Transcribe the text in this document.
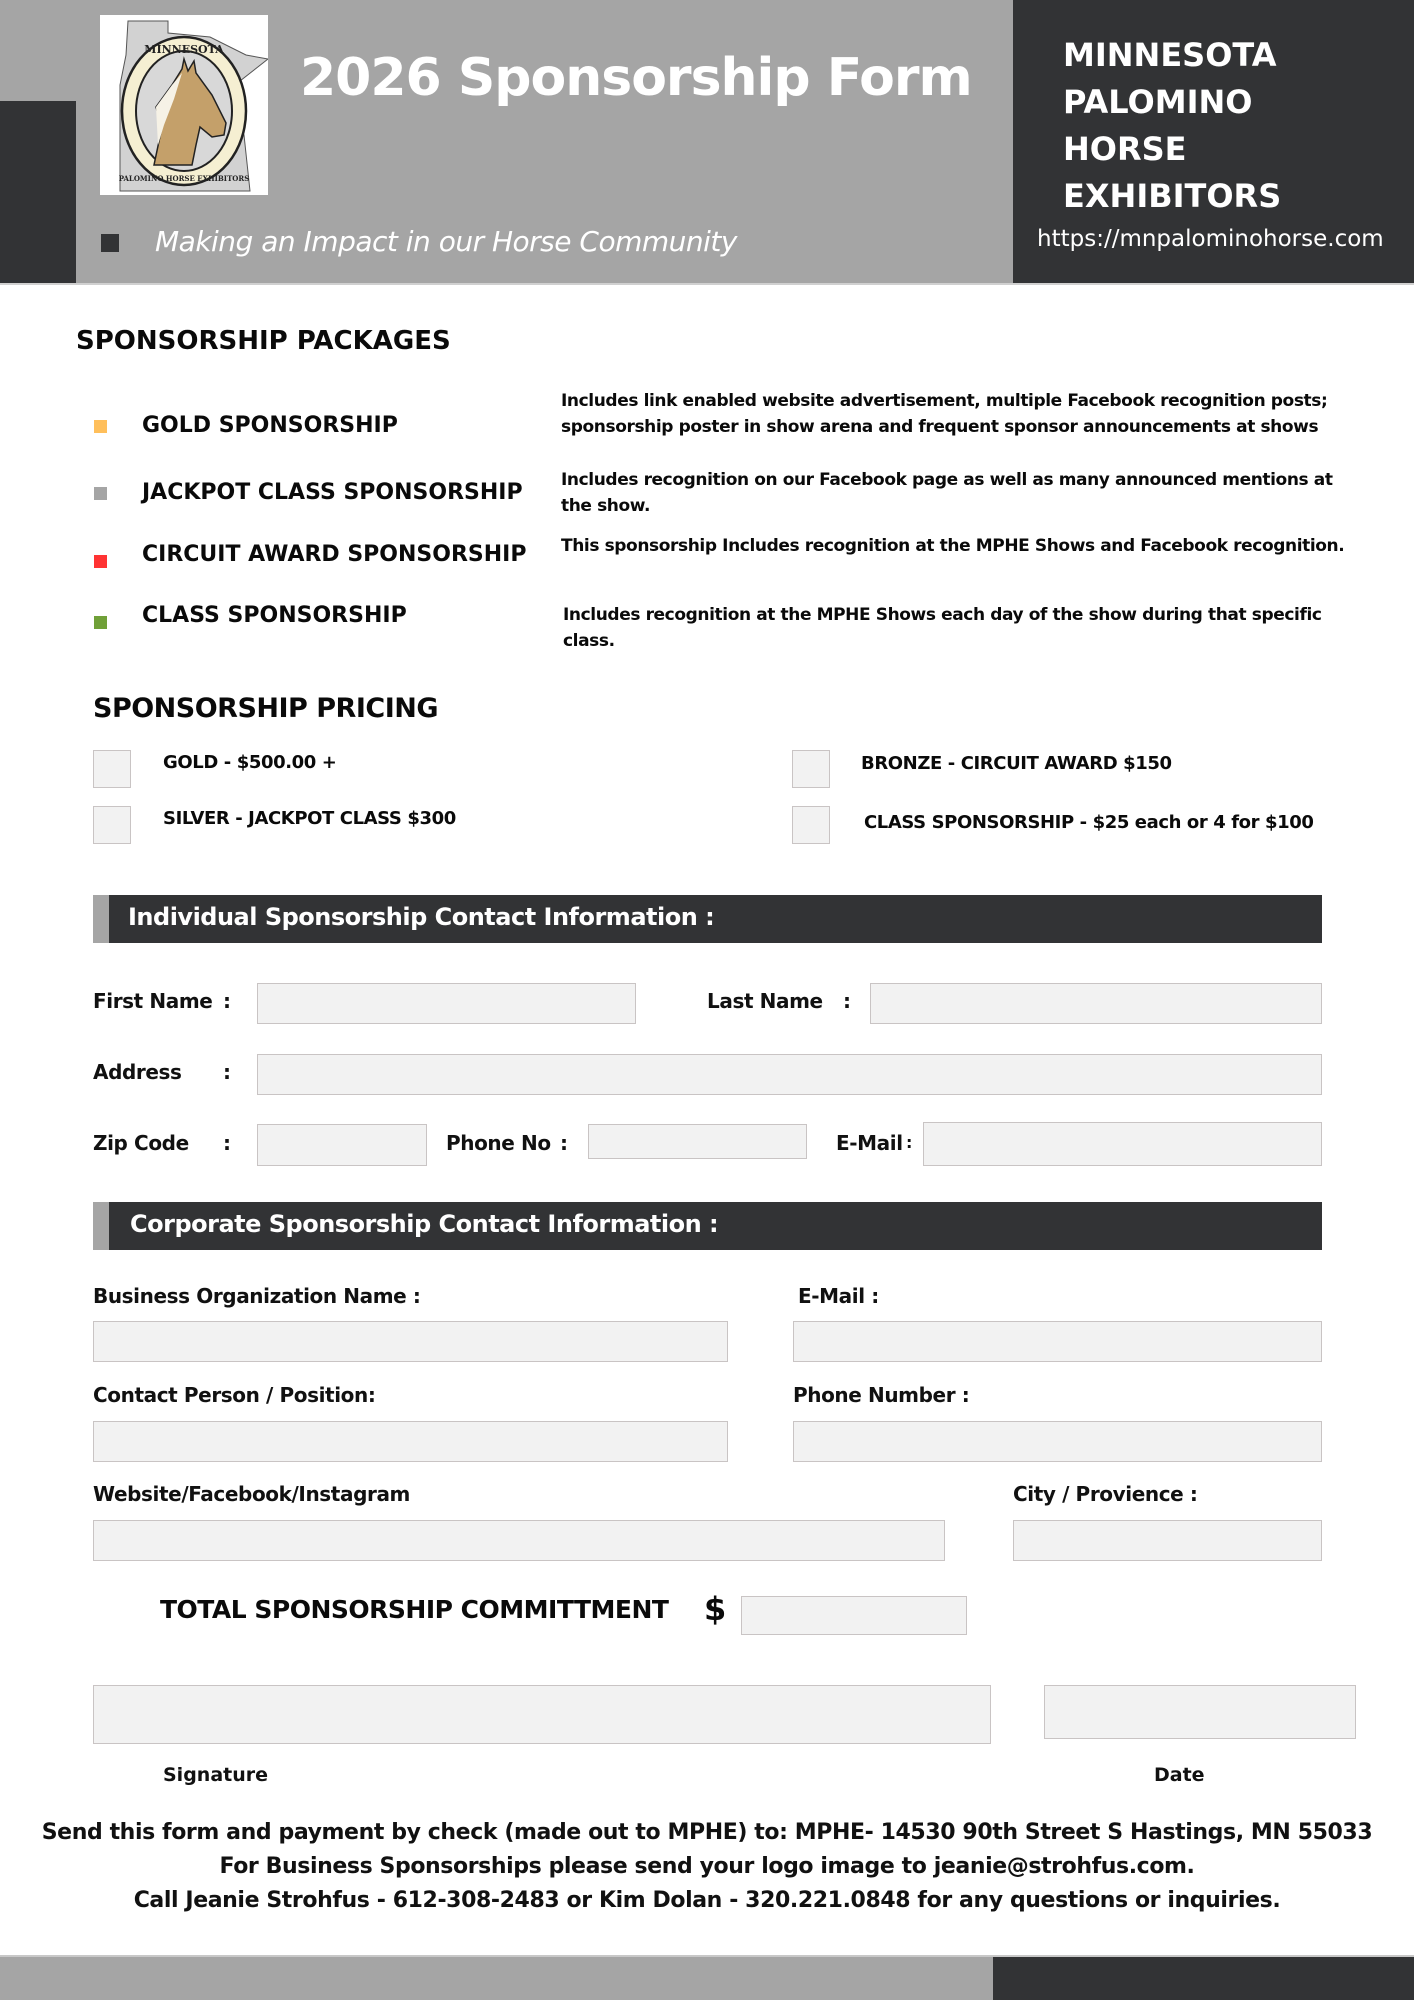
MINNESOTA
PALOMINO HORSE EXHIBITORS
2026 Sponsorship Form
Making an Impact in our Horse Community
MINNESOTA
PALOMINO
HORSE
EXHIBITORS
https://mnpalominohorse.com
SPONSORSHIP PACKAGES
GOLD SPONSORSHIP
Includes link enabled website advertisement, multiple Facebook recognition posts; sponsorship poster in show arena and frequent sponsor announcements at shows
JACKPOT CLASS SPONSORSHIP Includes recognition on our Facebook page as well as many announced mentions at the show.
CIRCUIT AWARD SPONSORSHIP This sponsorship Includes recognition at the MPHE Shows and Facebook recognition.
CLASS SPONSORSHIP	Includes recognition at the MPHE Shows each day of the show during that specific class.
SPONSORSHIP PRICING
GOLD - $500.00 +
SILVER - JACKPOT CLASS $300
BRONZE - CIRCUIT AWARD $150
CLASS SPONSORSHIP - $25 each or 4 for $100
Individual Sponsorship Contact Information :
First Name :	Last Name :
Address :
Zip Code :	Phone No :	E-Mail :
Corporate Sponsorship Contact Information :
Business Organization Name :	E-Mail :
Contact Person / Position:	Phone Number :
Website/Facebook/Instagram	City / Provience :
TOTAL SPONSORSHIP COMMITTMENT $
Signature	Date
Send this form and payment by check (made out to MPHE) to: MPHE- 14530 90th Street S Hastings, MN 55033
For Business Sponsorships please send your logo image to jeanie@strohfus.com.
Call Jeanie Strohfus - 612-308-2483 or Kim Dolan - 320.221.0848 for any questions or inquiries.
